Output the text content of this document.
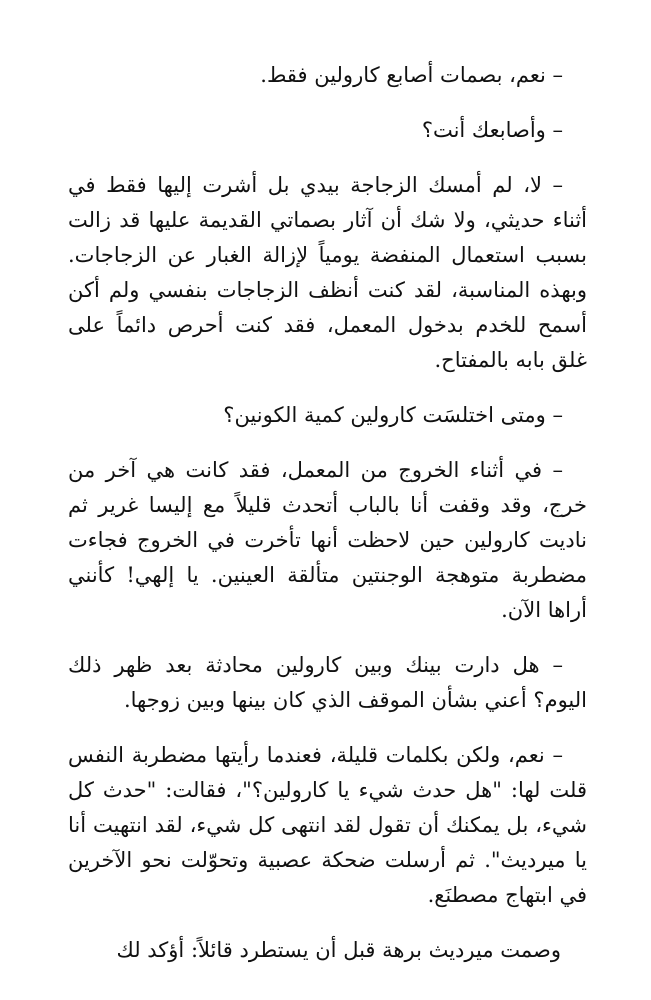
– نعم، بصمات أصابع كارولين فقط.

– وأصابعك أنت؟

– لا، لم أمسك الزجاجة بيدي بل أشرت إليها فقط في أثناء حديثي، ولا شك أن آثار بصماتي القديمة عليها قد زالت بسبب استعمال المنفضة يومياً لإزالة الغبار عن الزجاجات. وبهذه المناسبة، لقد كنت أنظف الزجاجات بنفسي ولم أكن أسمح للخدم بدخول المعمل، فقد كنت أحرص دائماً على غلق بابه بالمفتاح.

– ومتى اختلسَت كارولين كمية الكونين؟

– في أثناء الخروج من المعمل، فقد كانت هي آخر من خرج، وقد وقفت أنا بالباب أتحدث قليلاً مع إليسا غرير ثم ناديت كارولين حين لاحظت أنها تأخرت في الخروج فجاءت مضطربة متوهجة الوجنتين متألقة العينين. يا إلهي! كأنني أراها الآن.

– هل دارت بينك وبين كارولين محادثة بعد ظهر ذلك اليوم؟ أعني بشأن الموقف الذي كان بينها وبين زوجها.

– نعم، ولكن بكلمات قليلة، فعندما رأيتها مضطربة النفس قلت لها: "هل حدث شيء يا كارولين؟"، فقالت: "حدث كل شيء، بل يمكنك أن تقول لقد انتهى كل شيء، لقد انتهيت أنا يا ميرديث". ثم أرسلت ضحكة عصبية وتحوّلت نحو الآخرين في ابتهاج مصطنَع.

وصمت ميرديث برهة قبل أن يستطرد قائلاً: أؤكد لك
